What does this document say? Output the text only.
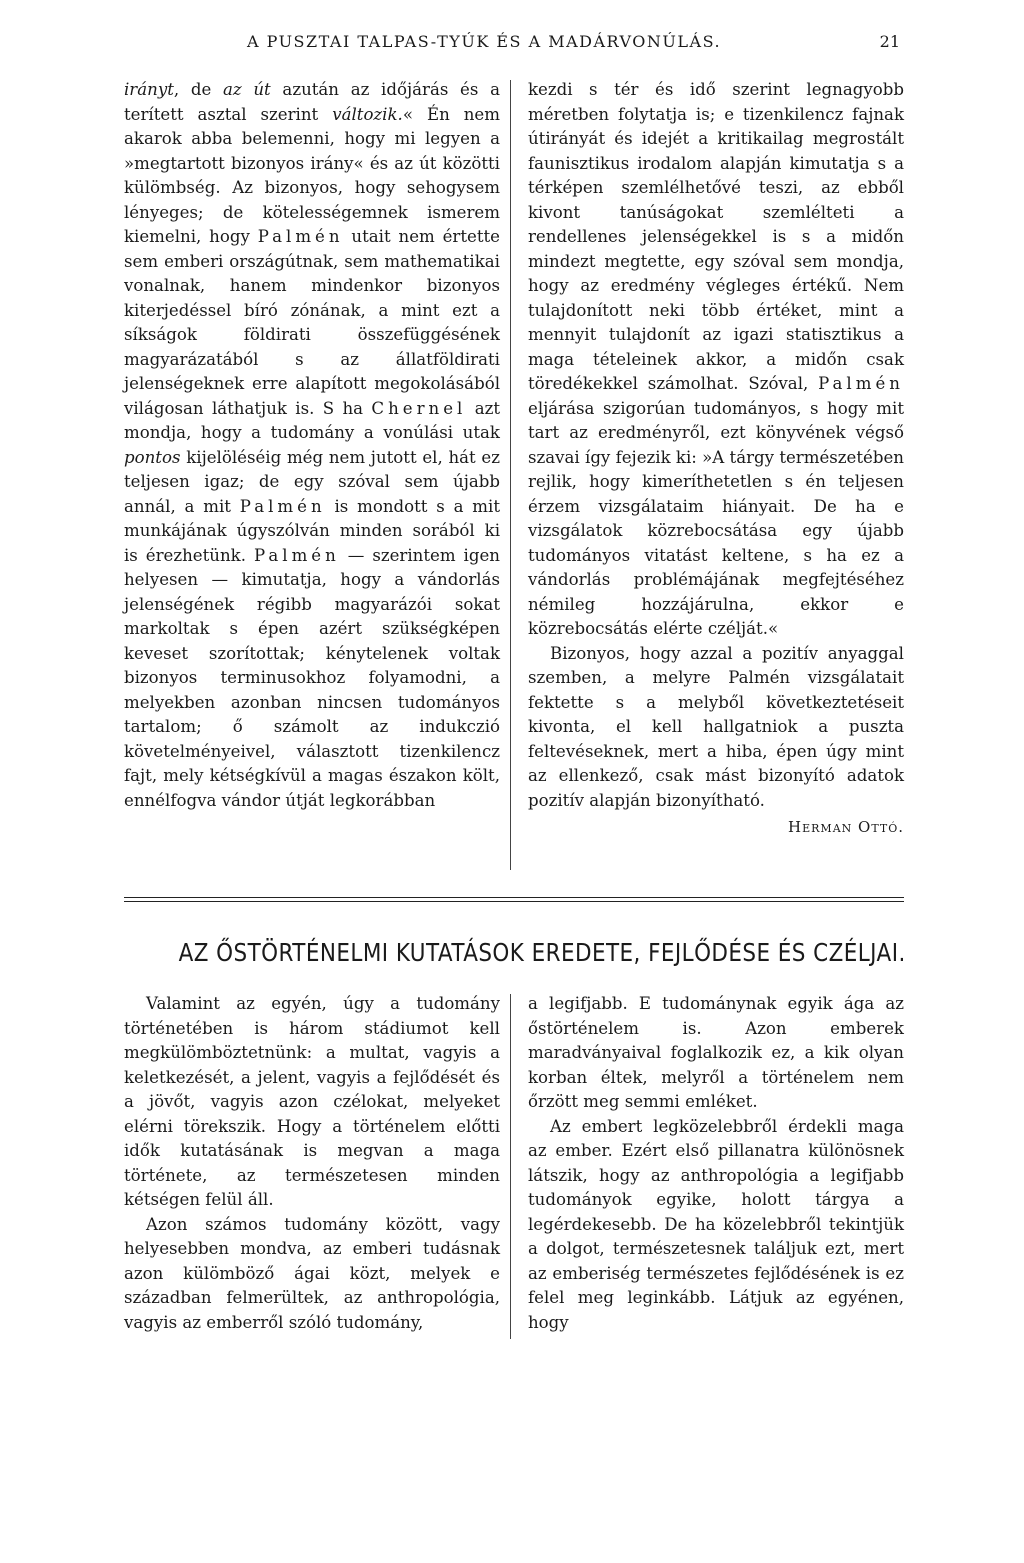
A PUSZTAI TALPAS-TYÚK ÉS A MADÁRVONÚLÁS.	21

irányt, de az út azután az időjárás és a terített asztal szerint változik.« Én nem akarok abba belemenni, hogy mi legyen a »megtartott bizonyos irány« és az út közötti külömbség. Az bizonyos, hogy sehogysem lényeges; de kötelességemnek ismerem kiemelni, hogy Palmén utait nem értette sem emberi országútnak, sem mathematikai vonalnak, hanem mindenkor bizonyos kiterjedéssel bíró zónának, a mint ezt a síkságok földirati összefüggésének magyarázatából s az állatföldirati jelenségeknek erre alapított megokolásából világosan láthatjuk is. S ha Chernel azt mondja, hogy a tudomány a vonúlási utak pontos kijelöléséig még nem jutott el, hát ez teljesen igaz; de egy szóval sem újabb annál, a mit Palmén is mondott s a mit munkájának úgyszólván minden sorából ki is érezhetünk. Palmén — szerintem igen helyesen — kimutatja, hogy a vándorlás jelenségének régibb magyarázói sokat markoltak s épen azért szükségképen keveset szorítottak; kénytelenek voltak bizonyos terminusokhoz folyamodni, a melyekben azonban nincsen tudományos tartalom; ő számolt az indukczió követelményeivel, választott tizenkilencz fajt, mely kétségkívül a magas északon költ, ennélfogva vándor útját legkorábban

kezdi s tér és idő szerint legnagyobb méretben folytatja is; e tizenkilencz fajnak útirányát és idejét a kritikailag megrostált faunisztikus irodalom alapján kimutatja s a térképen szemlélhetővé teszi, az ebből kivont tanúságokat szemlélteti a rendellenes jelenségekkel is s a midőn mindezt megtette, egy szóval sem mondja, hogy az eredmény végleges értékű. Nem tulajdonított neki több értéket, mint a mennyit tulajdonít az igazi statisztikus a maga tételeinek akkor, a midőn csak töredékekkel számolhat. Szóval, Palmén eljárása szigorúan tudományos, s hogy mit tart az eredményről, ezt könyvének végső szavai így fejezik ki: »A tárgy természetében rejlik, hogy kimeríthetetlen s én teljesen érzem vizsgálataim hiányait. De ha e vizsgálatok közrebocsátása egy újabb tudományos vitatást keltene, s ha ez a vándorlás problémájának megfejtéséhez némileg hozzájárulna, ekkor e közrebocsátás elérte czélját.«

Bizonyos, hogy azzal a pozitív anyaggal szemben, a melyre Palmén vizsgálatait fektette s a melyből következtetéseit kivonta, el kell hallgatniok a puszta feltevéseknek, mert a hiba, épen úgy mint az ellenkező, csak mást bizonyító adatok pozitív alapján bizonyítható.
Herman Ottó.

AZ ŐSTÖRTÉNELMI KUTATÁSOK EREDETE, FEJLŐDÉSE ÉS CZÉLJAI.

Valamint az egyén, úgy a tudomány történetében is három stádiumot kell megkülömböztetnünk: a multat, vagyis a keletkezését, a jelent, vagyis a fejlődését és a jövőt, vagyis azon czélokat, melyeket elérni törekszik. Hogy a történelem előtti idők kutatásának is megvan a maga története, az természetesen minden kétségen felül áll.

Azon számos tudomány között, vagy helyesebben mondva, az emberi tudásnak azon külömböző ágai közt, melyek e században felmerültek, az anthropológia, vagyis az emberről szóló tudomány,

a legifjabb. E tudománynak egyik ága az őstörténelem is. Azon emberek maradványaival foglalkozik ez, a kik olyan korban éltek, melyről a történelem nem őrzött meg semmi emléket.

Az embert legközelebbről érdekli maga az ember. Ezért első pillanatra különösnek látszik, hogy az anthropológia a legifjabb tudományok egyike, holott tárgya a legérdekesebb. De ha közelebbről tekintjük a dolgot, természetesnek találjuk ezt, mert az emberiség természetes fejlődésének is ez felel meg leginkább. Látjuk az egyénen, hogy
